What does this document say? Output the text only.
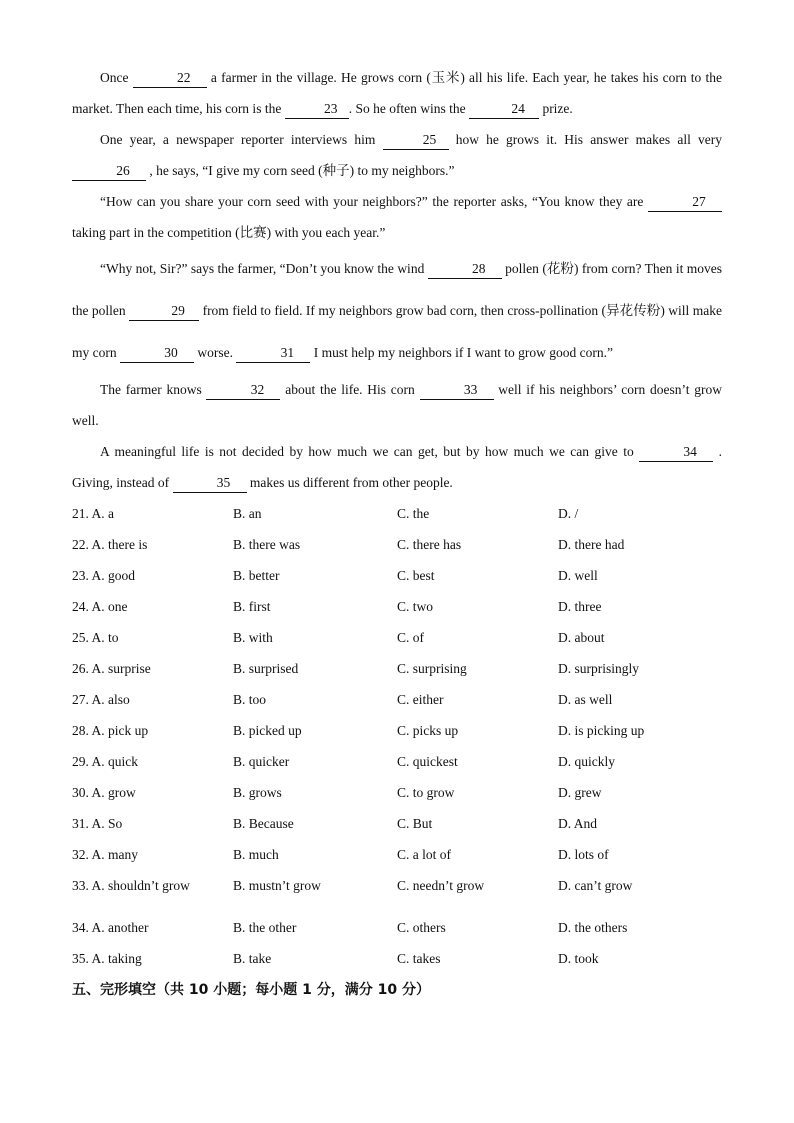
Once	22 a farmer in the village. He grows corn (玉米) all his life. Each year, he takes his corn to the market. Then each time, his corn is the	23 . So he often wins the	24 prize.

One year, a newspaper reporter interviews him	25 how he grows it. His answer makes all very 26 , he says, “I give my corn seed (种子) to my neighbors.”

“How can you share your corn seed with your neighbors?” the reporter asks, “You know they are	27 taking part in the competition (比赛) with you each year.”

“Why not, Sir?” says the farmer, “Don’t you know the wind	28 pollen (花粉) from corn? Then it moves the pollen	29 from field to field. If my neighbors grow bad corn, then cross-pollination (异花传粉) will make my corn	30 worse.	31 I must help my neighbors if I want to grow good corn.”

The farmer knows	32 about the life. His corn	33 well if his neighbors’ corn doesn’t grow well.

A meaningful life is not decided by how much we can get, but by how much we can give to	34 . Giving, instead of	35 makes us different from other people.

21. A. a	B. an	C. the	D. /
22. A. there is	B. there was	C. there has	D. there had
23. A. good	B. better	C. best	D. well
24. A. one	B. first	C. two	D. three
25. A. to	B. with	C. of	D. about
26. A. surprise	B. surprised	C. surprising	D. surprisingly
27. A. also	B. too	C. either	D. as well
28. A. pick up	B. picked up	C. picks up	D. is picking up
29. A. quick	B. quicker	C. quickest	D. quickly
30. A. grow	B. grows	C. to grow	D. grew
31. A. So	B. Because	C. But	D. And
32. A. many	B. much	C. a lot of	D. lots of
33. A. shouldn’t grow	B. mustn’t grow	C. needn’t grow	D. can’t grow
34. A. another	B. the other	C. others	D. the others
35. A. taking	B. take	C. takes	D. took
五、完形填空（共 10 小题；每小题 1 分，满分 10 分）
